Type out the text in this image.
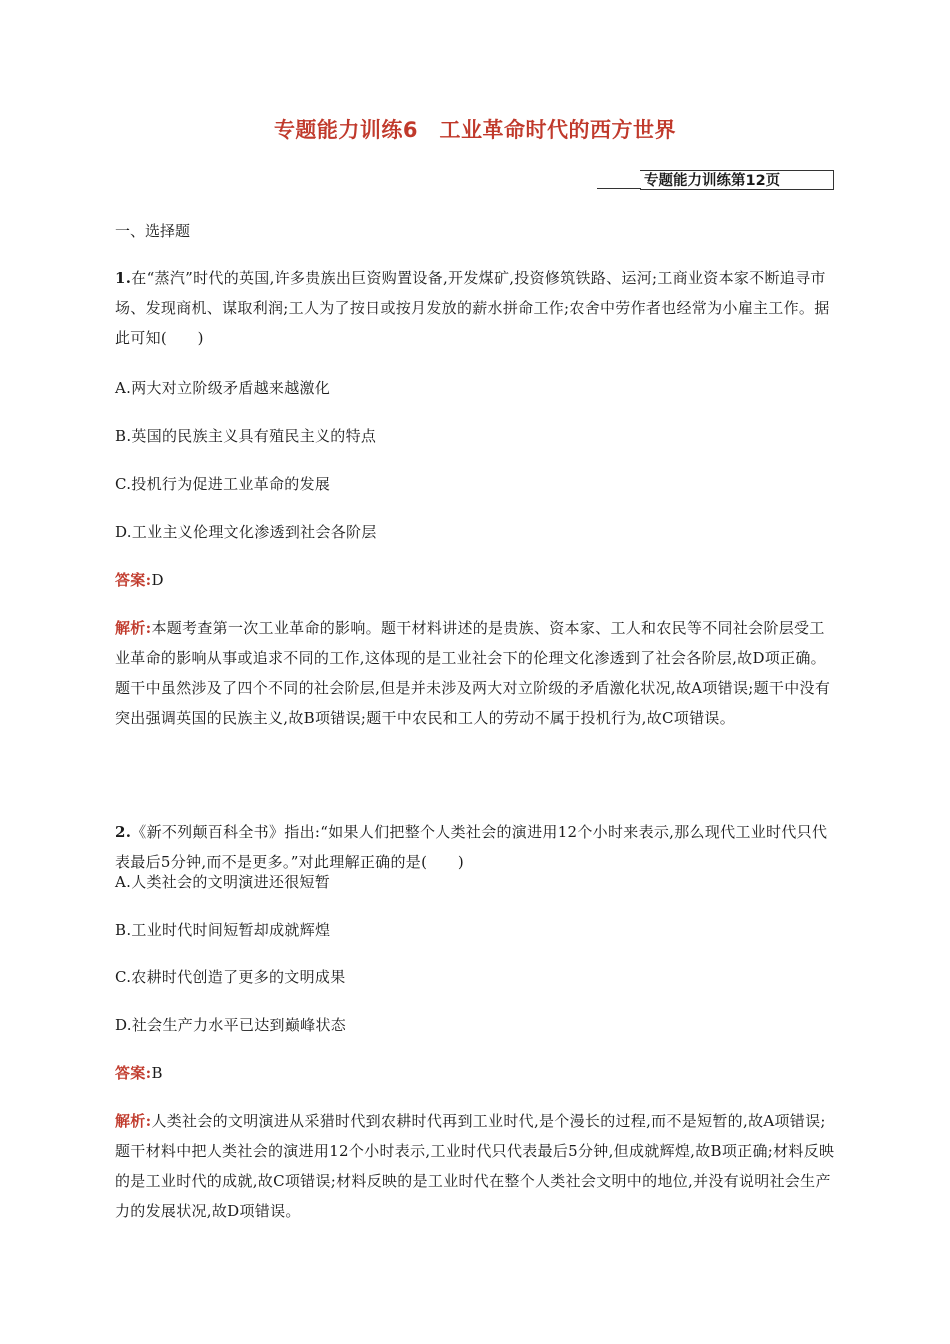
专题能力训练6　工业革命时代的西方世界
专题能力训练第12页
一、选择题
1.在“蒸汽”时代的英国,许多贵族出巨资购置设备,开发煤矿,投资修筑铁路、运河;工商业资本家不断追寻市场、发现商机、谋取利润;工人为了按日或按月发放的薪水拼命工作;农舍中劳作者也经常为小雇主工作。据此可知(　　)
A.两大对立阶级矛盾越来越激化
B.英国的民族主义具有殖民主义的特点
C.投机行为促进工业革命的发展
D.工业主义伦理文化渗透到社会各阶层
答案:D
解析:本题考查第一次工业革命的影响。题干材料讲述的是贵族、资本家、工人和农民等不同社会阶层受工业革命的影响从事或追求不同的工作,这体现的是工业社会下的伦理文化渗透到了社会各阶层,故D项正确。题干中虽然涉及了四个不同的社会阶层,但是并未涉及两大对立阶级的矛盾激化状况,故A项错误;题干中没有突出强调英国的民族主义,故B项错误;题干中农民和工人的劳动不属于投机行为,故C项错误。
2.《新不列颠百科全书》指出:“如果人们把整个人类社会的演进用12个小时来表示,那么现代工业时代只代表最后5分钟,而不是更多。”对此理解正确的是(　　)
A.人类社会的文明演进还很短暂
B.工业时代时间短暂却成就辉煌
C.农耕时代创造了更多的文明成果
D.社会生产力水平已达到巅峰状态
答案:B
解析:人类社会的文明演进从采猎时代到农耕时代再到工业时代,是个漫长的过程,而不是短暂的,故A项错误;题干材料中把人类社会的演进用12个小时表示,工业时代只代表最后5分钟,但成就辉煌,故B项正确;材料反映的是工业时代的成就,故C项错误;材料反映的是工业时代在整个人类社会文明中的地位,并没有说明社会生产力的发展状况,故D项错误。
